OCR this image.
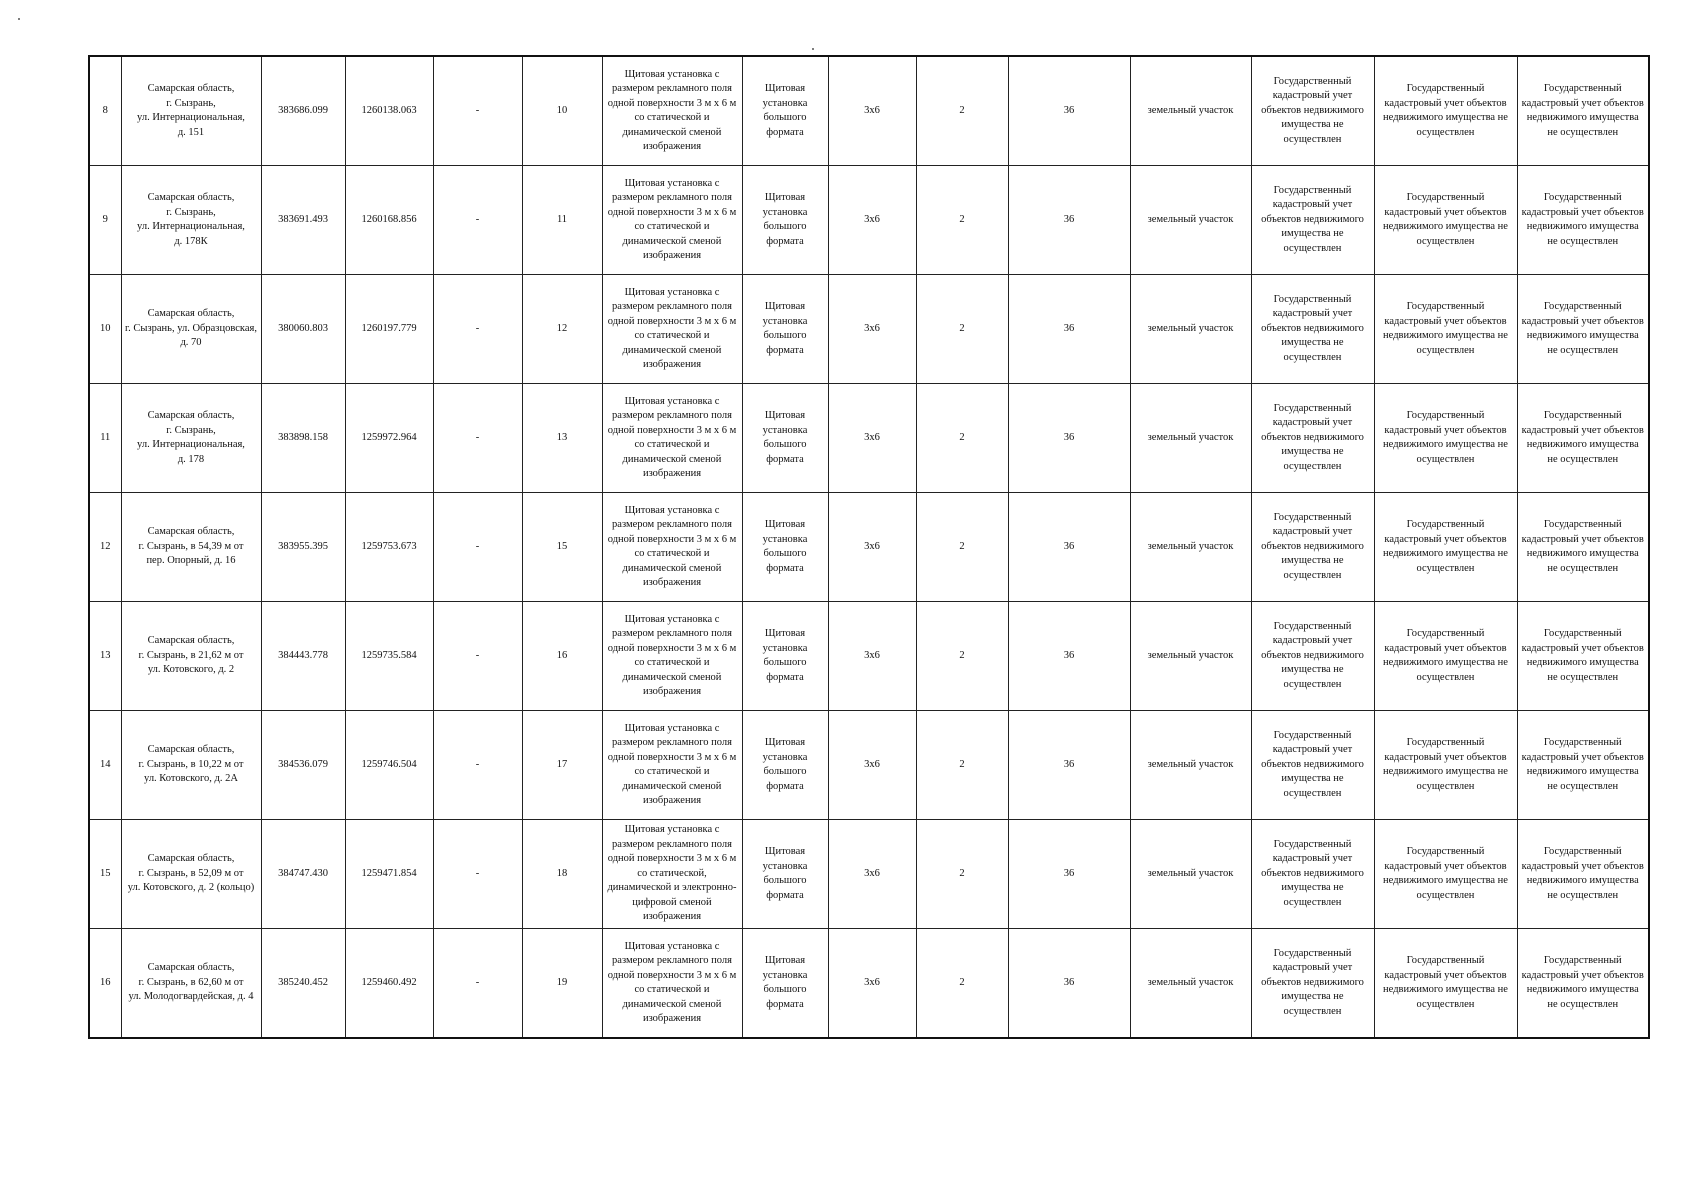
8	Самарская область,
г. Сызрань,
ул. Интернациональная,
д. 151	383686.099	1260138.063	-	10	Щитовая установка с размером рекламного поля одной поверхности 3 м х 6 м со статической и динамической сменой изображения	Щитовая установка большого формата	3х6	2	36	земельный участок	Государственный кадастровый учет объектов недвижимого имущества не осуществлен	Государственный кадастровый учет объектов недвижимого имущества не осуществлен	Государственный кадастровый учет объектов недвижимого имущества не осуществлен
9	Самарская область,
г. Сызрань,
ул. Интернациональная,
д. 178К	383691.493	1260168.856	-	11	Щитовая установка с размером рекламного поля одной поверхности 3 м х 6 м со статической и динамической сменой изображения	Щитовая установка большого формата	3х6	2	36	земельный участок	Государственный кадастровый учет объектов недвижимого имущества не осуществлен	Государственный кадастровый учет объектов недвижимого имущества не осуществлен	Государственный кадастровый учет объектов недвижимого имущества не осуществлен
10	Самарская область,
г. Сызрань, ул. Образцовская,
д. 70	380060.803	1260197.779	-	12	Щитовая установка с размером рекламного поля одной поверхности 3 м х 6 м со статической и динамической сменой изображения	Щитовая установка большого формата	3х6	2	36	земельный участок	Государственный кадастровый учет объектов недвижимого имущества не осуществлен	Государственный кадастровый учет объектов недвижимого имущества не осуществлен	Государственный кадастровый учет объектов недвижимого имущества не осуществлен
11	Самарская область,
г. Сызрань,
ул. Интернациональная,
д. 178	383898.158	1259972.964	-	13	Щитовая установка с размером рекламного поля одной поверхности 3 м х 6 м со статической и динамической сменой изображения	Щитовая установка большого формата	3х6	2	36	земельный участок	Государственный кадастровый учет объектов недвижимого имущества не осуществлен	Государственный кадастровый учет объектов недвижимого имущества не осуществлен	Государственный кадастровый учет объектов недвижимого имущества не осуществлен
12	Самарская область,
г. Сызрань, в 54,39 м от
пер. Опорный, д. 16	383955.395	1259753.673	-	15	Щитовая установка с размером рекламного поля одной поверхности 3 м х 6 м со статической и динамической сменой изображения	Щитовая установка большого формата	3х6	2	36	земельный участок	Государственный кадастровый учет объектов недвижимого имущества не осуществлен	Государственный кадастровый учет объектов недвижимого имущества не осуществлен	Государственный кадастровый учет объектов недвижимого имущества не осуществлен
13	Самарская область,
г. Сызрань, в 21,62 м от
ул. Котовского, д. 2	384443.778	1259735.584	-	16	Щитовая установка с размером рекламного поля одной поверхности 3 м х 6 м со статической и динамической сменой изображения	Щитовая установка большого формата	3х6	2	36	земельный участок	Государственный кадастровый учет объектов недвижимого имущества не осуществлен	Государственный кадастровый учет объектов недвижимого имущества не осуществлен	Государственный кадастровый учет объектов недвижимого имущества не осуществлен
14	Самарская область,
г. Сызрань, в 10,22 м от
ул. Котовского, д. 2А	384536.079	1259746.504	-	17	Щитовая установка с размером рекламного поля одной поверхности 3 м х 6 м со статической и динамической сменой изображения	Щитовая установка большого формата	3х6	2	36	земельный участок	Государственный кадастровый учет объектов недвижимого имущества не осуществлен	Государственный кадастровый учет объектов недвижимого имущества не осуществлен	Государственный кадастровый учет объектов недвижимого имущества не осуществлен
15	Самарская область,
г. Сызрань, в 52,09 м от
ул. Котовского, д. 2 (кольцо)	384747.430	1259471.854	-	18	Щитовая установка с размером рекламного поля одной поверхности 3 м х 6 м со статической, динамической и электронно-цифровой сменой изображения	Щитовая установка большого формата	3х6	2	36	земельный участок	Государственный кадастровый учет объектов недвижимого имущества не осуществлен	Государственный кадастровый учет объектов недвижимого имущества не осуществлен	Государственный кадастровый учет объектов недвижимого имущества не осуществлен
16	Самарская область,
г. Сызрань, в 62,60 м от
ул. Молодогвардейская, д. 4	385240.452	1259460.492	-	19	Щитовая установка с размером рекламного поля одной поверхности 3 м х 6 м со статической и динамической сменой изображения	Щитовая установка большого формата	3х6	2	36	земельный участок	Государственный кадастровый учет объектов недвижимого имущества не осуществлен	Государственный кадастровый учет объектов недвижимого имущества не осуществлен	Государственный кадастровый учет объектов недвижимого имущества не осуществлен
